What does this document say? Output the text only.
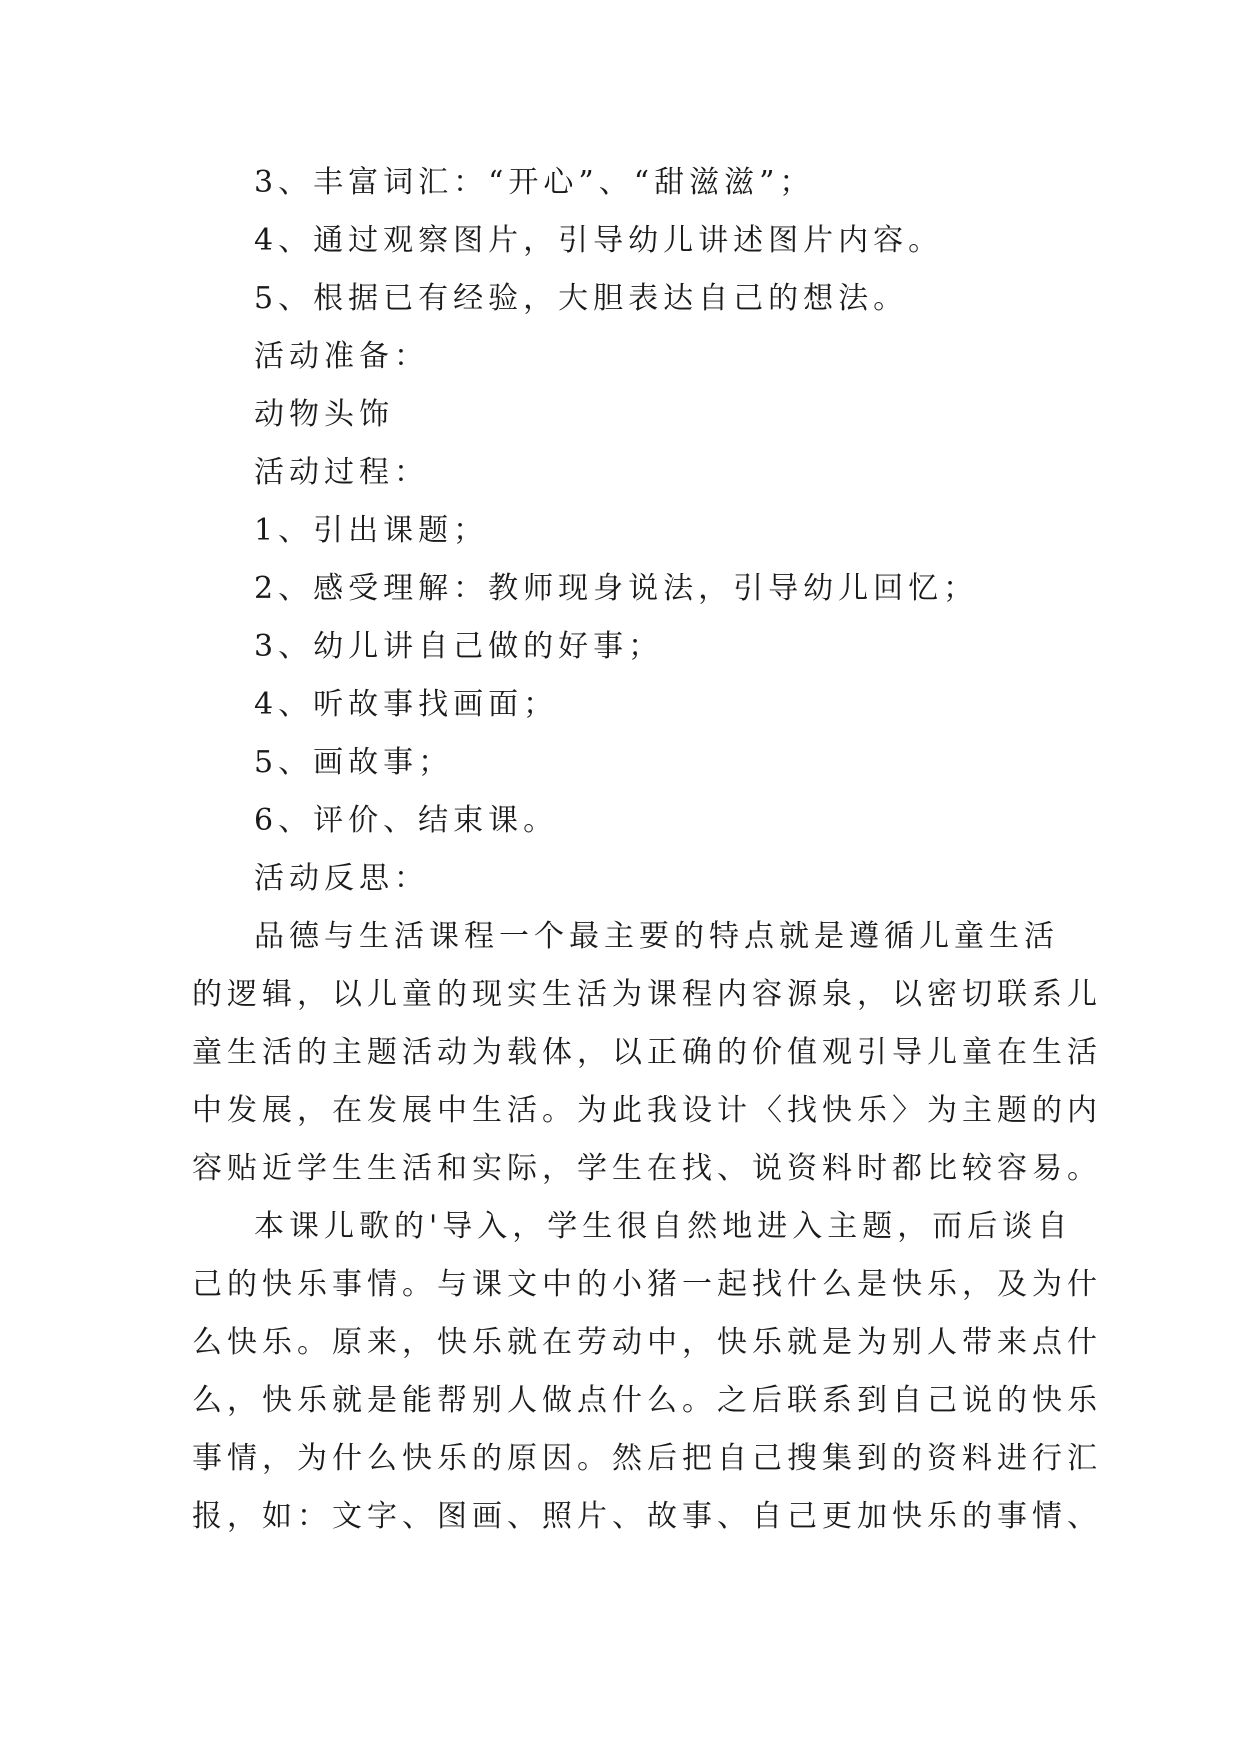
3、丰富词汇：“开心”、“甜滋滋”；

4、通过观察图片，引导幼儿讲述图片内容。

5、根据已有经验，大胆表达自己的想法。

活动准备：

动物头饰

活动过程：

1、引出课题；

2、感受理解：教师现身说法，引导幼儿回忆；

3、幼儿讲自己做的好事；

4、听故事找画面；

5、画故事；

6、评价、结束课。

活动反思：

品德与生活课程一个最主要的特点就是遵循儿童生活

的逻辑，以儿童的现实生活为课程内容源泉，以密切联系儿

童生活的主题活动为载体，以正确的价值观引导儿童在生活

中发展，在发展中生活。为此我设计〈找快乐〉为主题的内

容贴近学生生活和实际，学生在找、说资料时都比较容易。

本课儿歌的'导入，学生很自然地进入主题，而后谈自

己的快乐事情。与课文中的小猪一起找什么是快乐，及为什

么快乐。原来，快乐就在劳动中，快乐就是为别人带来点什

么，快乐就是能帮别人做点什么。之后联系到自己说的快乐

事情，为什么快乐的原因。然后把自己搜集到的资料进行汇

报，如：文字、图画、照片、故事、自己更加快乐的事情、
